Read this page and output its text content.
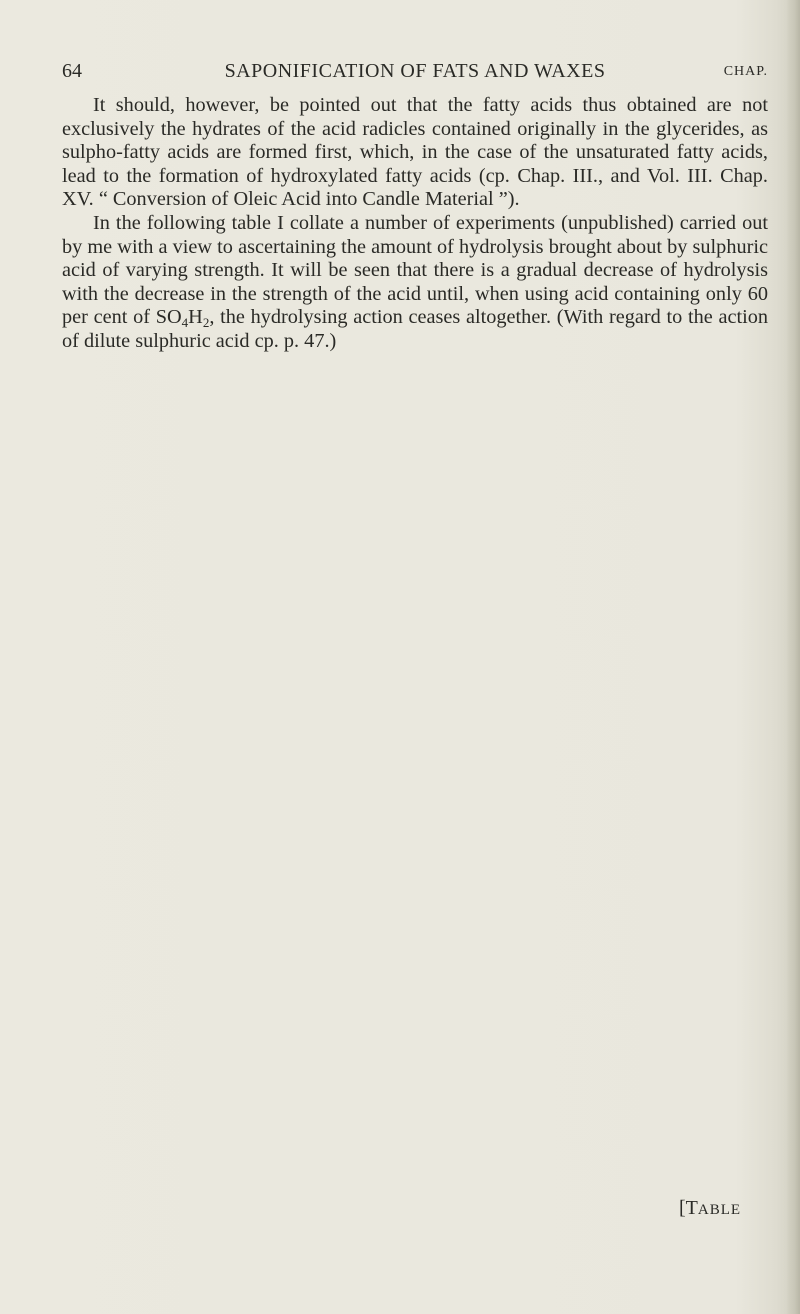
64	SAPONIFICATION OF FATS AND WAXES	CHAP.

It should, however, be pointed out that the fatty acids thus obtained are not exclusively the hydrates of the acid radicles contained originally in the glycerides, as sulpho-fatty acids are formed first, which, in the case of the unsaturated fatty acids, lead to the formation of hydroxylated fatty acids (cp. Chap. III., and Vol. III. Chap. XV. “ Conversion of Oleic Acid into Candle Material ”).

In the following table I collate a number of experiments (unpublished) carried out by me with a view to ascertaining the amount of hydrolysis brought about by sulphuric acid of varying strength. It will be seen that there is a gradual decrease of hydrolysis with the decrease in the strength of the acid until, when using acid containing only 60 per cent of $SO_4H_2$, the hydrolysing action ceases altogether. (With regard to the action of dilute sulphuric acid cp. p. 47.)

[TABLE
